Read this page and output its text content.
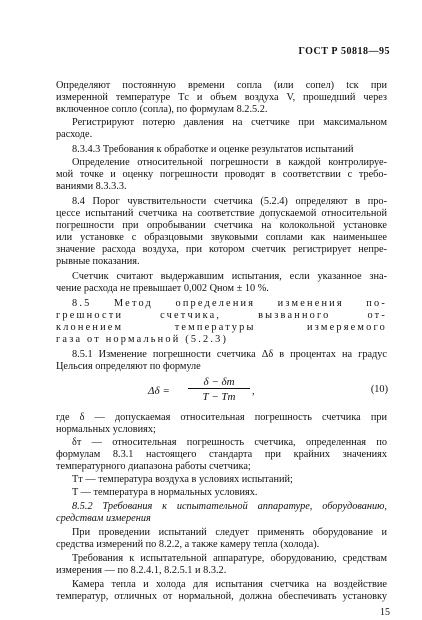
ГОСТ Р 50818—95

Определяют постоянную времени сопла (или сопел) tск при

измеренной температуре Tс и объем воздуха V, прошедший через

включенное сопло (сопла), по формулам 8.2.5.2.

Регистрируют потерю давления на счетчике при максимальном

расходе.

8.3.4.3 Требования к обработке и оценке результатов испытаний

Определение относительной погрешности в каждой контролируе-

мой точке и оценку погрешности проводят в соответствии с требо-

ваниями 8.3.3.3.

8.4 Порог чувствительности счетчика (5.2.4) определяют в про-

цессе испытаний счетчика на соответствие допускаемой относительной

погрешности при опробывании счетчика на колокольной установке

или установке с образцовыми звуковыми соплами как наименьшее

значение расхода воздуха, при котором счетчик регистрирует непре-

рывные показания.

Счетчик считают выдержавшим испытания, если указанное зна-

чение расхода не превышает 0,002 Qном ± 10 %.

8.5 Метод определения изменения по-

грешности счетчика, вызванного от-

клонением температуры измеряемого

газа от нормальной (5.2.3)

8.5.1 Изменение погрешности счетчика Δδ в процентах на градус

Цельсия определяют по формуле

Δδ =
δ − δт
T − Tт	,	(10)

где δ — допускаемая относительная погрешность счетчика при

нормальных условиях;

δт — относительная погрешность счетчика, определенная по

формулам 8.3.1 настоящего стандарта при крайних значениях

температурного диапазона работы счетчика;

Tт — температура воздуха в условиях испытаний;

T — температура в нормальных условиях.

8.5.2 Требования к испытательной аппаратуре, оборудованию,

средствам измерения

При проведении испытаний следует применять оборудование и

средства измерений по 8.2.2, а также камеру тепла (холода).

Требования к испытательной аппаратуре, оборудованию, средствам

измерения — по 8.2.4.1, 8.2.5.1 и 8.3.2.

Камера тепла и холода для испытания счетчика на воздействие

температур, отличных от нормальной, должна обеспечивать установку

15
